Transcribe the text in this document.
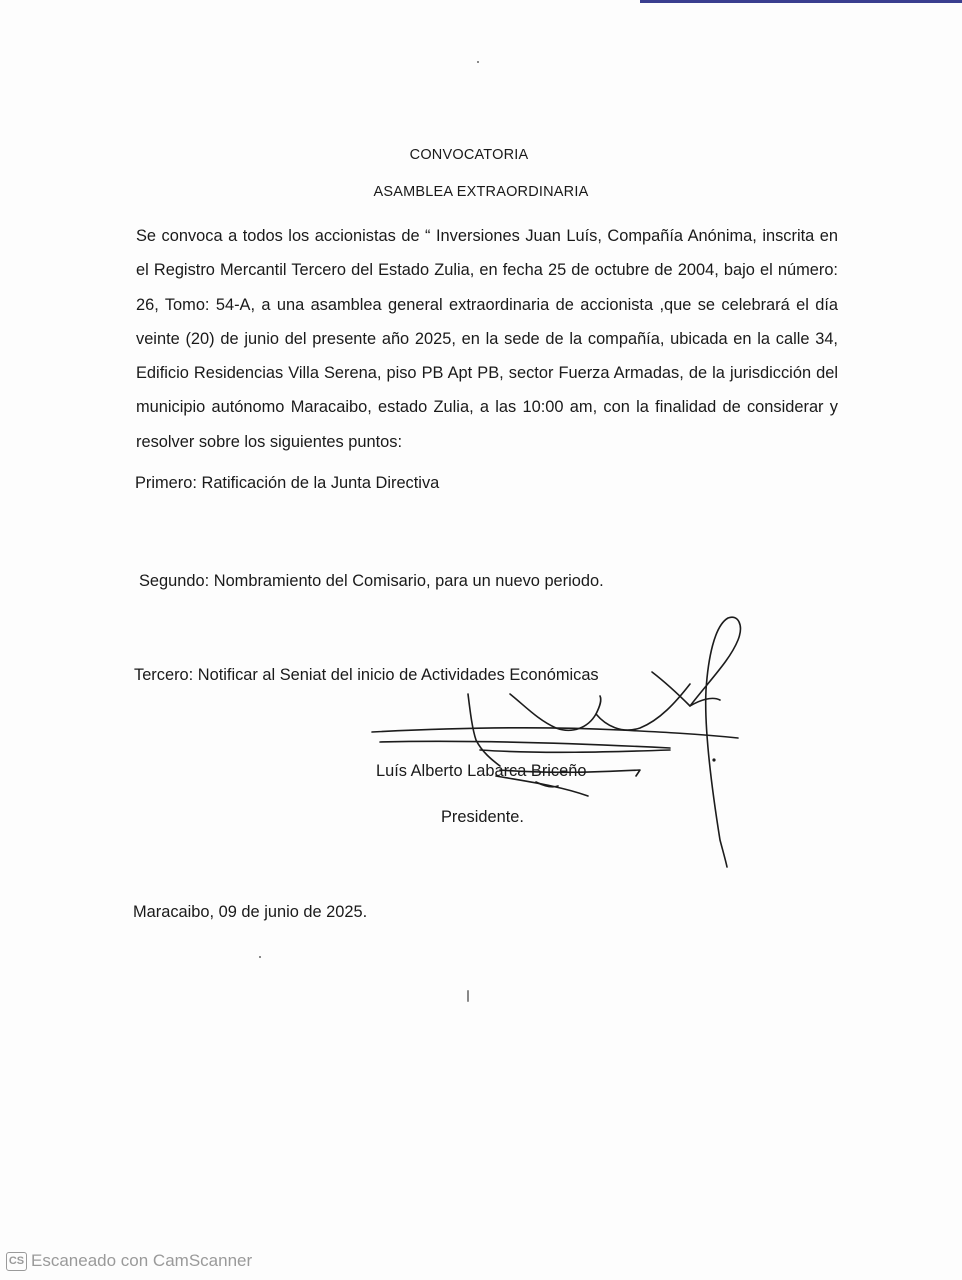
CONVOCATORIA
ASAMBLEA EXTRAORDINARIA
Se convoca a todos los accionistas de “ Inversiones Juan Luís, Compañía Anónima, inscrita en el Registro Mercantil Tercero del Estado Zulia, en fecha 25 de octubre de 2004, bajo el número: 26, Tomo: 54-A, a una asamblea general extraordinaria de accionista ,que se celebrará el día veinte (20) de junio del presente año 2025, en la sede de la compañía, ubicada en la calle 34, Edificio Residencias Villa Serena, piso PB Apt PB, sector Fuerza Armadas, de la jurisdicción del municipio autónomo Maracaibo, estado Zulia, a las 10:00 am, con la finalidad de considerar y resolver sobre los siguientes puntos:
Primero: Ratificación de la Junta Directiva
Segundo: Nombramiento del Comisario, para un nuevo periodo.
Tercero: Notificar al Seniat del inicio de Actividades Económicas
Luís Alberto Labarca Briceño
Presidente.
Maracaibo, 09 de junio de 2025.
CS Escaneado con CamScanner
